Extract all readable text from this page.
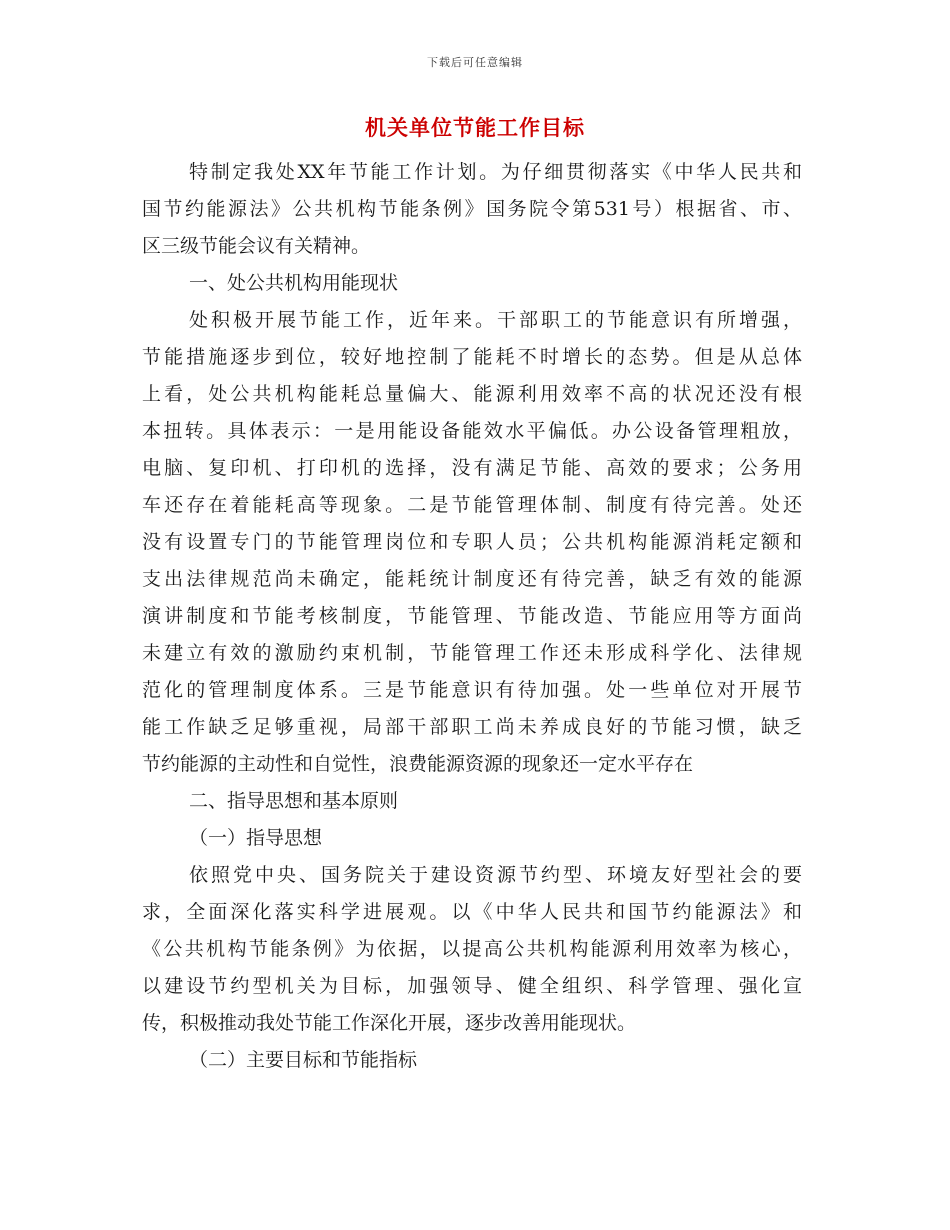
下载后可任意编辑
机关单位节能工作目标
特制定我处XX年节能工作计划。为仔细贯彻落实《中华人民共和
国节约能源法》公共机构节能条例》国务院令第531号）根据省、市、
区三级节能会议有关精神。
一、处公共机构用能现状
处积极开展节能工作，近年来。干部职工的节能意识有所增强，
节能措施逐步到位，较好地控制了能耗不时增长的态势。但是从总体
上看，处公共机构能耗总量偏大、能源利用效率不高的状况还没有根
本扭转。具体表示：一是用能设备能效水平偏低。办公设备管理粗放，
电脑、复印机、打印机的选择，没有满足节能、高效的要求；公务用
车还存在着能耗高等现象。二是节能管理体制、制度有待完善。处还
没有设置专门的节能管理岗位和专职人员；公共机构能源消耗定额和
支出法律规范尚未确定，能耗统计制度还有待完善，缺乏有效的能源
演讲制度和节能考核制度，节能管理、节能改造、节能应用等方面尚
未建立有效的激励约束机制，节能管理工作还未形成科学化、法律规
范化的管理制度体系。三是节能意识有待加强。处一些单位对开展节
能工作缺乏足够重视，局部干部职工尚未养成良好的节能习惯，缺乏
节约能源的主动性和自觉性，浪费能源资源的现象还一定水平存在
二、指导思想和基本原则
（一）指导思想
依照党中央、国务院关于建设资源节约型、环境友好型社会的要
求，全面深化落实科学进展观。以《中华人民共和国节约能源法》和
《公共机构节能条例》为依据，以提高公共机构能源利用效率为核心，
以建设节约型机关为目标，加强领导、健全组织、科学管理、强化宣
传，积极推动我处节能工作深化开展，逐步改善用能现状。
（二）主要目标和节能指标
